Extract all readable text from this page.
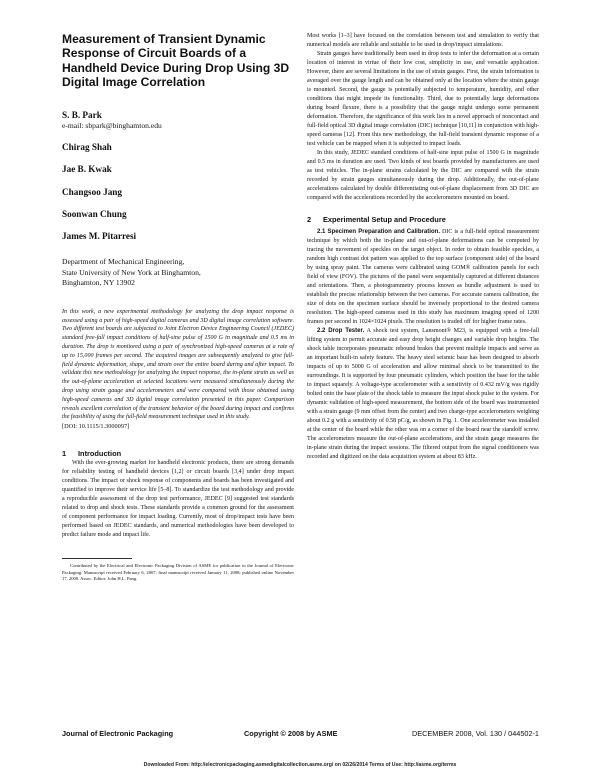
Measurement of Transient Dynamic Response of Circuit Boards of a Handheld Device During Drop Using 3D Digital Image Correlation
S. B. Park
e-mail: sbpark@binghamton.edu
Chirag Shah
Jae B. Kwak
Changsoo Jang
Soonwan Chung
James M. Pitarresi
Department of Mechanical Engineering,
State University of New York at Binghamton,
Binghamton, NY 13902
In this work, a new experimental methodology for analyzing the drop impact response is assessed using a pair of high-speed digital cameras and 3D digital image correlation software. Two different test boards are subjected to Joint Electron Device Engineering Council (JEDEC) standard free-fall impact conditions of half-sine pulse of 1500 G in magnitude and 0.5 ms in duration. The drop is monitored using a pair of synchronized high-speed cameras at a rate of up to 15,000 frames per second. The acquired images are subsequently analyzed to give full-field dynamic deformation, shape, and strain over the entire board during and after impact. To validate this new methodology for analyzing the impact response, the in-plane strain as well as the out-of-plane acceleration at selected locations were measured simultaneously during the drop using strain gauge and accelerometers and were compared with those obtained using high-speed cameras and 3D digital image correlation presented in this paper. Comparison reveals excellent correlation of the transient behavior of the board during impact and confirms the feasibility of using the full-field measurement technique used in this study.
[DOI: 10.1115/1.3000097]
1 Introduction

With the ever-growing market for handheld electronic products, there are strong demands for reliability testing of handheld devices [1,2] or circuit boards [3,4] under drop impact conditions. The impact or shock response of components and boards has been investigated and quantified to improve their service life [5–8]. To standardize the test methodology and provide a reproducible assessment of the drop test performance, JEDEC [9] suggested test standards related to drop and shock tests. These standards provide a common ground for the assessment of component performance for impact loading. Currently, most of drop/impact tests have been performed based on JEDEC standards, and numerical methodologies have been developed to predict failure mode and impact life.

Contributed by the Electrical and Electronic Packaging Division of ASME for publication in the Journal of Electronic Packaging. Manuscript received February 6, 2007; final manuscript received January 11, 2008; published online November 17, 2008. Assoc. Editor: John H.L. Pang.

Most works [1–3] have focused on the correlation between test and simulation to verify that numerical models are reliable and suitable to be used in drop/impact simulations.

Strain gauges have traditionally been used in drop tests to infer the deformation at a certain location of interest in virtue of their low cost, simplicity in use, and versatile application. However, there are several limitations in the use of strain gauges. First, the strain information is averaged over the gauge length and can be obtained only at the location where the strain gauge is mounted. Second, the gauge is potentially subjected to temperature, humidity, and other conditions that might impede its functionality. Third, due to potentially large deformations during board flexure, there is a possibility that the gauge might undergo some permanent deformation. Therefore, the significance of this work lies in a novel approach of noncontact and full-field optical 3D digital image correlation (DIC) technique [10,11] in conjunction with high-speed cameras [12]. From this new methodology, the full-field transient dynamic response of a test vehicle can be mapped when it is subjected to impact loads.

In this study, JEDEC standard conditions of half-sine input pulse of 1500 G in magnitude and 0.5 ms in duration are used. Two kinds of test boards provided by manufacturers are used as test vehicles. The in-plane strains calculated by the DIC are compared with the strain recorded by strain gauges simultaneously during the drop. Additionally, the out-of-plane accelerations calculated by double differentiating out-of-plane displacement from 3D DIC are compared with the accelerations recorded by the accelerometers mounted on board.

2 Experimental Setup and Procedure

2.1 Specimen Preparation and Calibration. DIC is a full-field optical measurement technique by which both the in-plane and out-of-plane deformations can be computed by tracing the movement of speckles on the target object. In order to obtain feasible speckles, a random high contrast dot pattern was applied to the top surface (component side) of the board by using spray paint. The cameras were calibrated using GOM® calibration panels for each field of view (FOV). The pictures of the panel were sequentially captured at different distances and orientations. Then, a photogrammetry process known as bundle adjustment is used to establish the precise relationship between the two cameras. For accurate camera calibration, the size of dots on the specimen surface should be inversely proportional to the desired camera resolution. The high-speed cameras used in this study has maximum imaging speed of 1200 frames per second in 1024×1024 pixels. The resolution is traded off for higher frame rates.

2.2 Drop Tester. A shock test system, Lansmont® M23, is equipped with a free-fall lifting system to permit accurate and easy drop height changes and variable drop heights. The shock table incorporates pneumatic rebound brakes that prevent multiple impacts and serve as an important built-in safety feature. The heavy steel seismic base has been designed to absorb impacts of up to 5000 G of acceleration and allow minimal shock to be transmitted to the surroundings. It is supported by four pneumatic cylinders, which position the base for the table to impact squarely. A voltage-type accelerometer with a sensitivity of 0.432 mV/g was rigidly bolted onto the base plate of the shock table to measure the input shock pulse to the system. For dynamic validation of high-speed measurement, the bottom side of the board was instrumented with a strain gauge (9 mm offset from the center) and two charge-type accelerometers weighing about 0.2 g with a sensitivity of 0.58 pC/g, as shown in Fig. 1. One accelerometer was installed at the center of the board while the other was on a corner of the board near the standoff screw. The accelerometers measure the out-of-plane accelerations, and the strain gauge measures the in-plane strain during the impact sessions. The filtered output from the signal conditioners was recorded and digitized on the data acquisition system at about 83 kHz.

Journal of Electronic Packaging	Copyright © 2008 by ASME	DECEMBER 2008, Vol. 130 / 044502-1
Downloaded From: http://electronicpackaging.asmedigitalcollection.asme.org/ on 02/26/2014 Terms of Use: http://asme.org/terms
